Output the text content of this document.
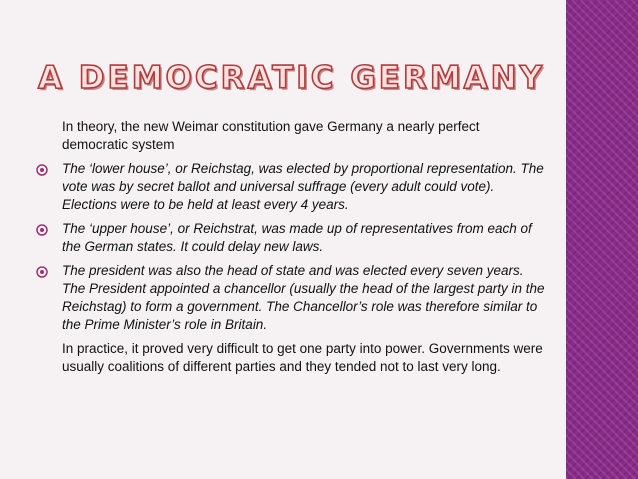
A DEMOCRATIC GERMANY

In theory, the new Weimar constitution gave Germany a nearly perfect democratic system

The ‘lower house’, or Reichstag, was elected by proportional representation. The vote was by secret ballot and universal suffrage (every adult could vote). Elections were to be held at least every 4 years.

The ‘upper house’, or Reichstrat, was made up of representatives from each of the German states. It could delay new laws.

The president was also the head of state and was elected every seven years. The President appointed a chancellor (usually the head of the largest party in the Reichstag) to form a government. The Chancellor’s role was therefore similar to the Prime Minister’s role in Britain.

In practice, it proved very difficult to get one party into power. Governments were usually coalitions of different parties and they tended not to last very long.
